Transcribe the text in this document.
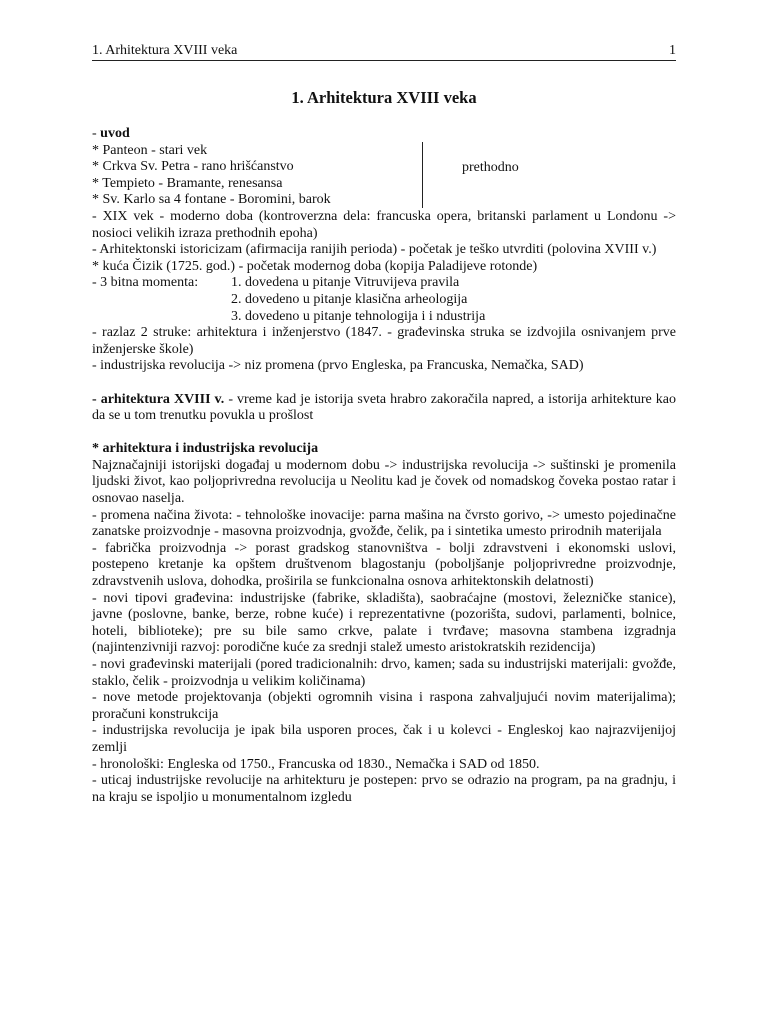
1. Arhitektura XVIII veka	1
1. Arhitektura XVIII veka
- uvod
* Panteon - stari vek
* Crkva Sv. Petra - rano hrišćanstvo
* Tempieto - Bramante, renesansa
* Sv. Karlo sa 4 fontane - Boromini, barok
prethodno
- XIX vek - moderno doba (kontroverzna dela: francuska opera, britanski parlament u Londonu -> nosioci velikih izraza prethodnih epoha)
- Arhitektonski istoricizam (afirmacija ranijih perioda) - početak je teško utvrditi (polovina XVIII v.)
* kuća Čizik (1725. god.) - početak modernog doba (kopija Paladijeve rotonde)
- 3 bitna momenta: 1. dovedena u pitanje Vitruvijeva pravila
2. dovedeno u pitanje klasična arheologija
3. dovedeno u pitanje tehnologija i i ndustrija
- razlaz 2 struke: arhitektura i inženjerstvo (1847. - građevinska struka se izdvojila osnivanjem prve inženjerske škole)
- industrijska revolucija -> niz promena (prvo Engleska, pa Francuska, Nemačka, SAD)
- arhitektura XVIII v. - vreme kad je istorija sveta hrabro zakoračila napred, a istorija arhitekture kao da se u tom trenutku povukla u prošlost
* arhitektura i industrijska revolucija
Najznačajniji istorijski događaj u modernom dobu -> industrijska revolucija -> suštinski je promenila ljudski život, kao poljoprivredna revolucija u Neolitu kad je čovek od nomadskog čoveka postao ratar i osnovao naselja.
- promena načina života: - tehnološke inovacije: parna mašina na čvrsto gorivo, -> umesto pojedinačne zanatske proizvodnje - masovna proizvodnja, gvožđe, čelik, pa i sintetika umesto prirodnih materijala
- fabrička proizvodnja -> porast gradskog stanovništva - bolji zdravstveni i ekonomski uslovi, postepeno kretanje ka opštem društvenom blagostanju (poboljšanje poljoprivredne proizvodnje, zdravstvenih uslova, dohodka, proširila se funkcionalna osnova arhitektonskih delatnosti)
- novi tipovi građevina: industrijske (fabrike, skladišta), saobraćajne (mostovi, železničke stanice), javne (poslovne, banke, berze, robne kuće) i reprezentativne (pozorišta, sudovi, parlamenti, bolnice, hoteli, biblioteke); pre su bile samo crkve, palate i tvrđave; masovna stambena izgradnja (najintenzivniji razvoj: porodične kuće za srednji stalež umesto aristokratskih rezidencija)
- novi građevinski materijali (pored tradicionalnih: drvo, kamen; sada su industrijski materijali: gvožđe, staklo, čelik - proizvodnja u velikim količinama)
- nove metode projektovanja (objekti ogromnih visina i raspona zahvaljujući novim materijalima); proračuni konstrukcija
- industrijska revolucija je ipak bila usporen proces, čak i u kolevci - Engleskoj kao najrazvijenijoj zemlji
- hronološki: Engleska od 1750., Francuska od 1830., Nemačka i SAD od 1850.
- uticaj industrijske revolucije na arhitekturu je postepen: prvo se odrazio na program, pa na gradnju, i na kraju se ispoljio u monumentalnom izgledu
